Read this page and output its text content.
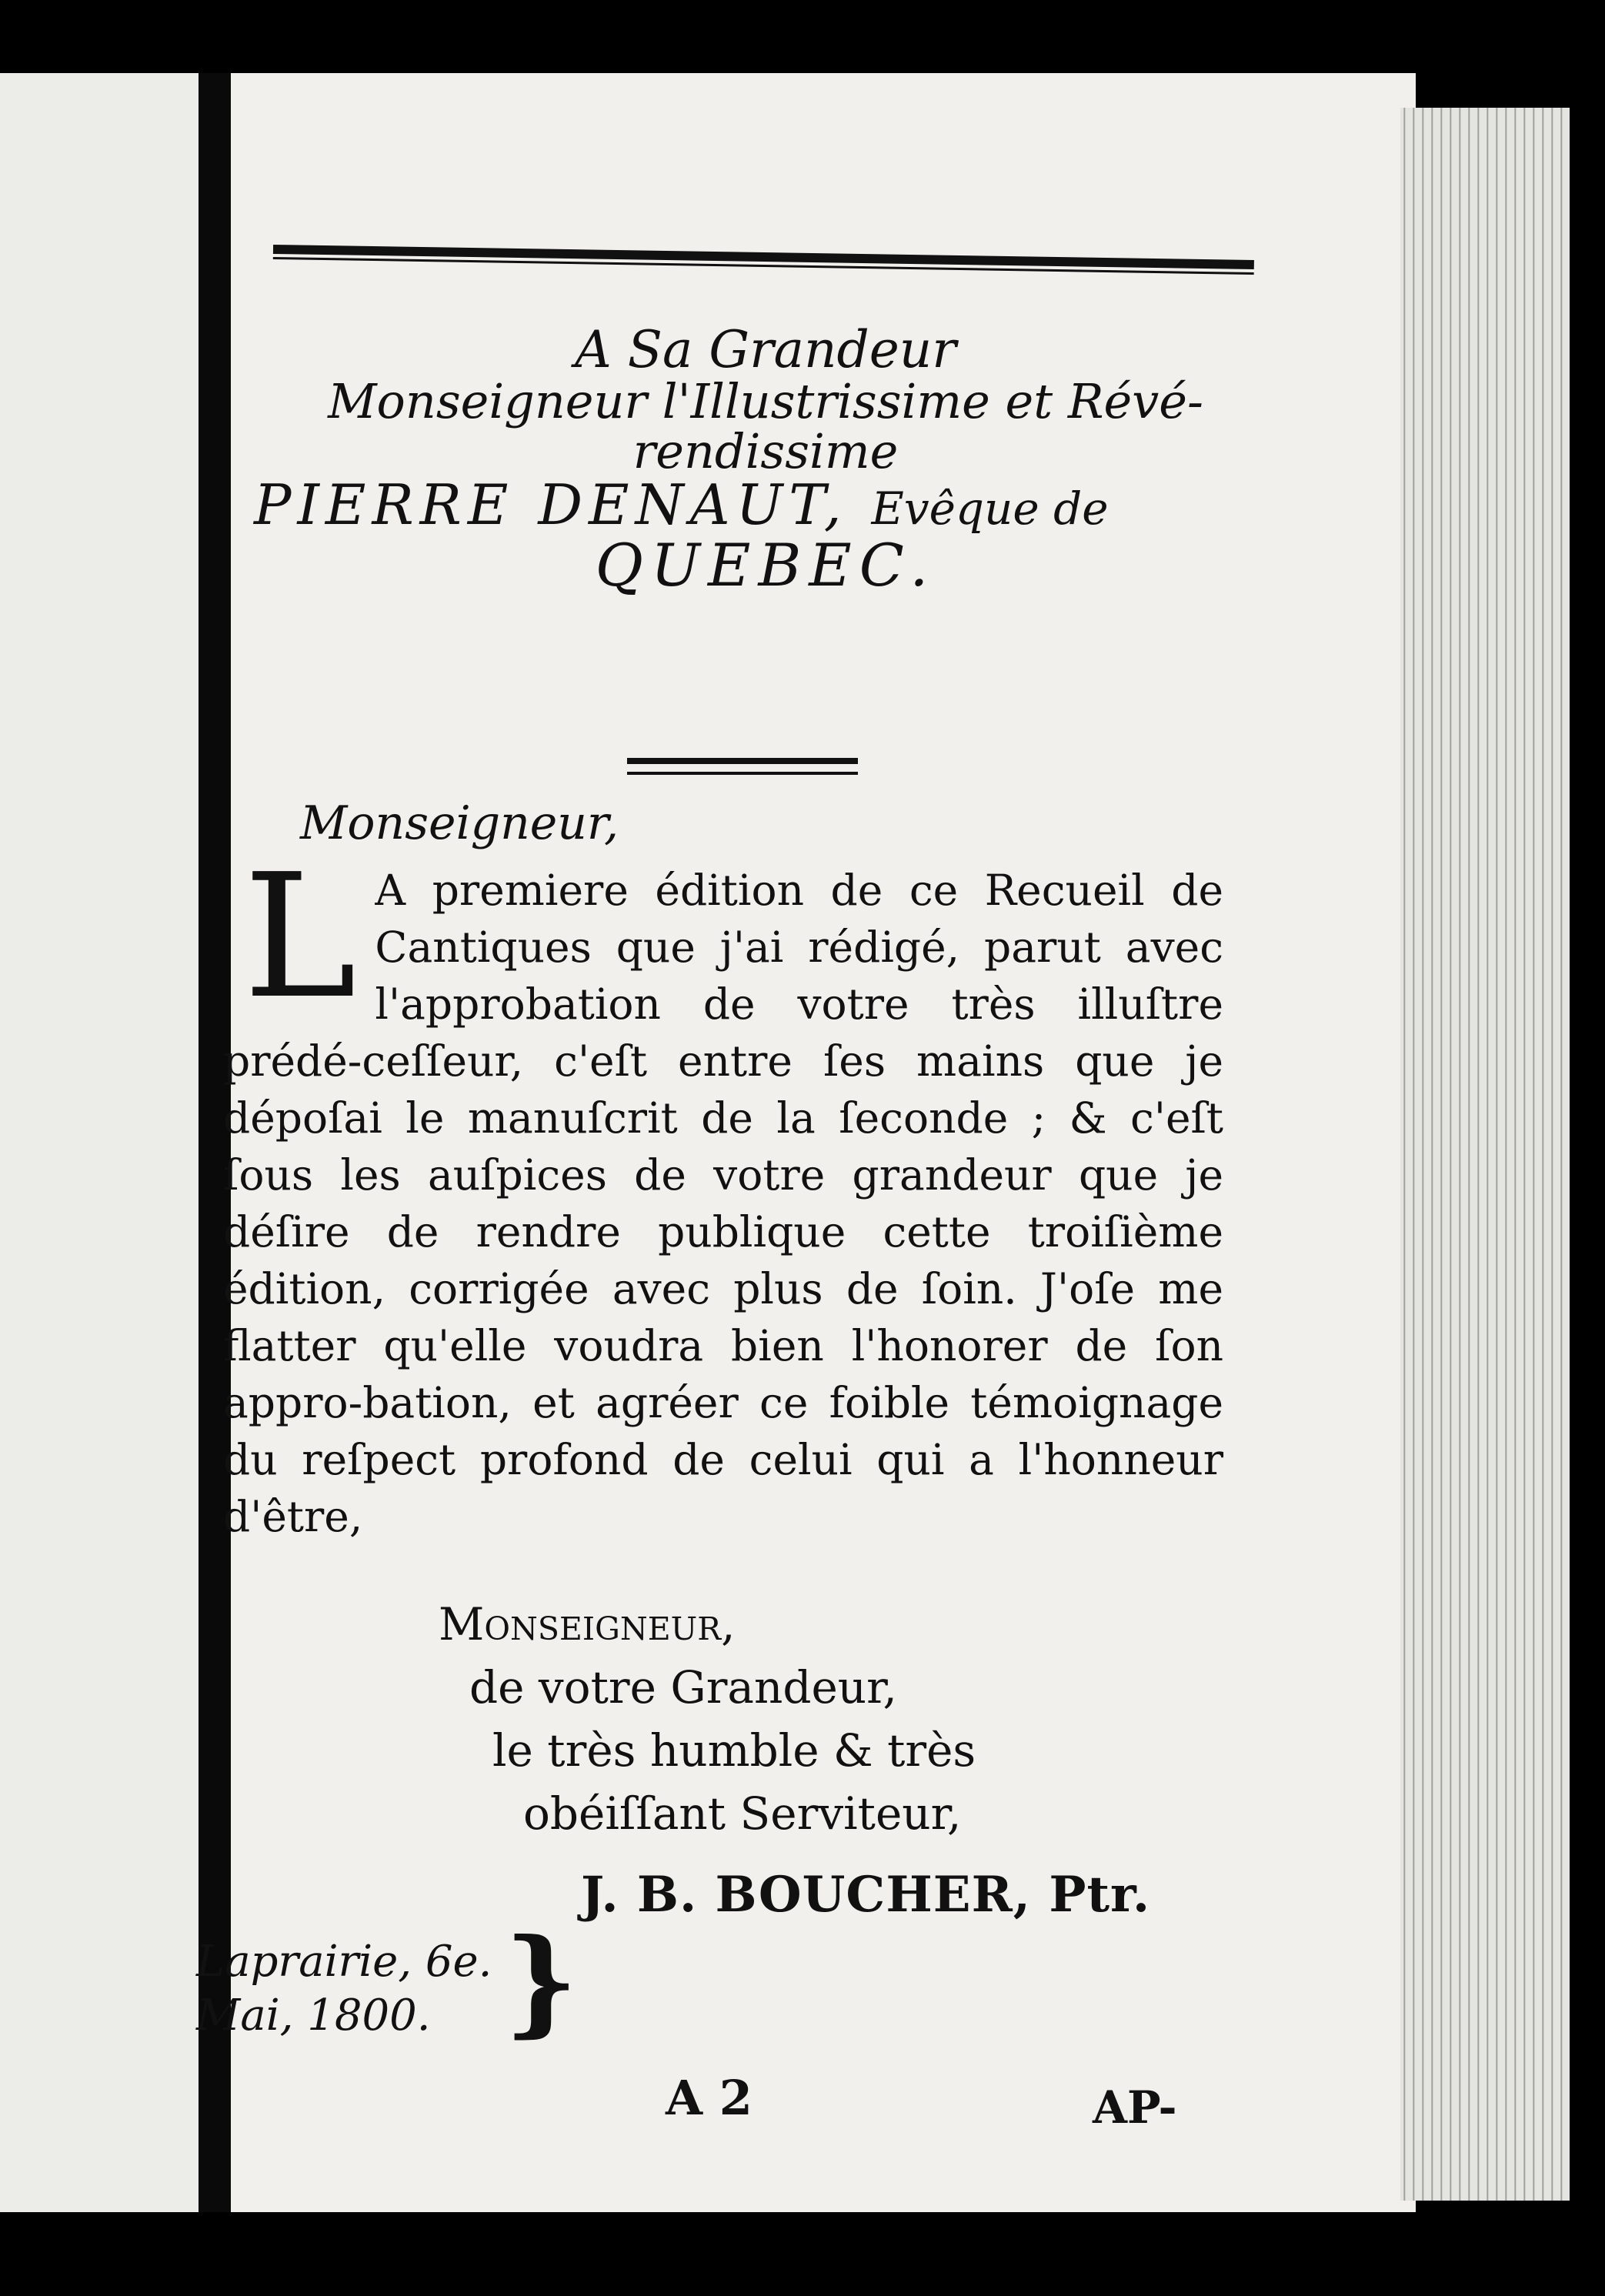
A Sa Grandeur
Monseigneur l'Illustrissime et Révé-
rendissime
PIERRE DENAUT, Evêque de
QUEBEC.
Monseigneur,
L A premiere édition de ce Recueil de Cantiques que j'ai rédigé, parut avec l'approbation de votre très illuſtre prédé-ceſſeur, c'eſt entre ſes mains que je dépoſai le manuſcrit de la ſeconde ; & c'eſt ſous les auſpices de votre grandeur que je déſire de rendre publique cette troiſième édition, corrigée avec plus de ſoin. J'oſe me flatter qu'elle voudra bien l'honorer de ſon appro-bation, et agréer ce foible témoignage du reſpect profond de celui qui a l'honneur d'être,
Monseigneur,
de votre Grandeur,
le très humble & très
obéiſſant Serviteur,
J. B. BOUCHER, Ptr.
Laprairie, 6e.
Mai, 1800. }
A 2	AP-
